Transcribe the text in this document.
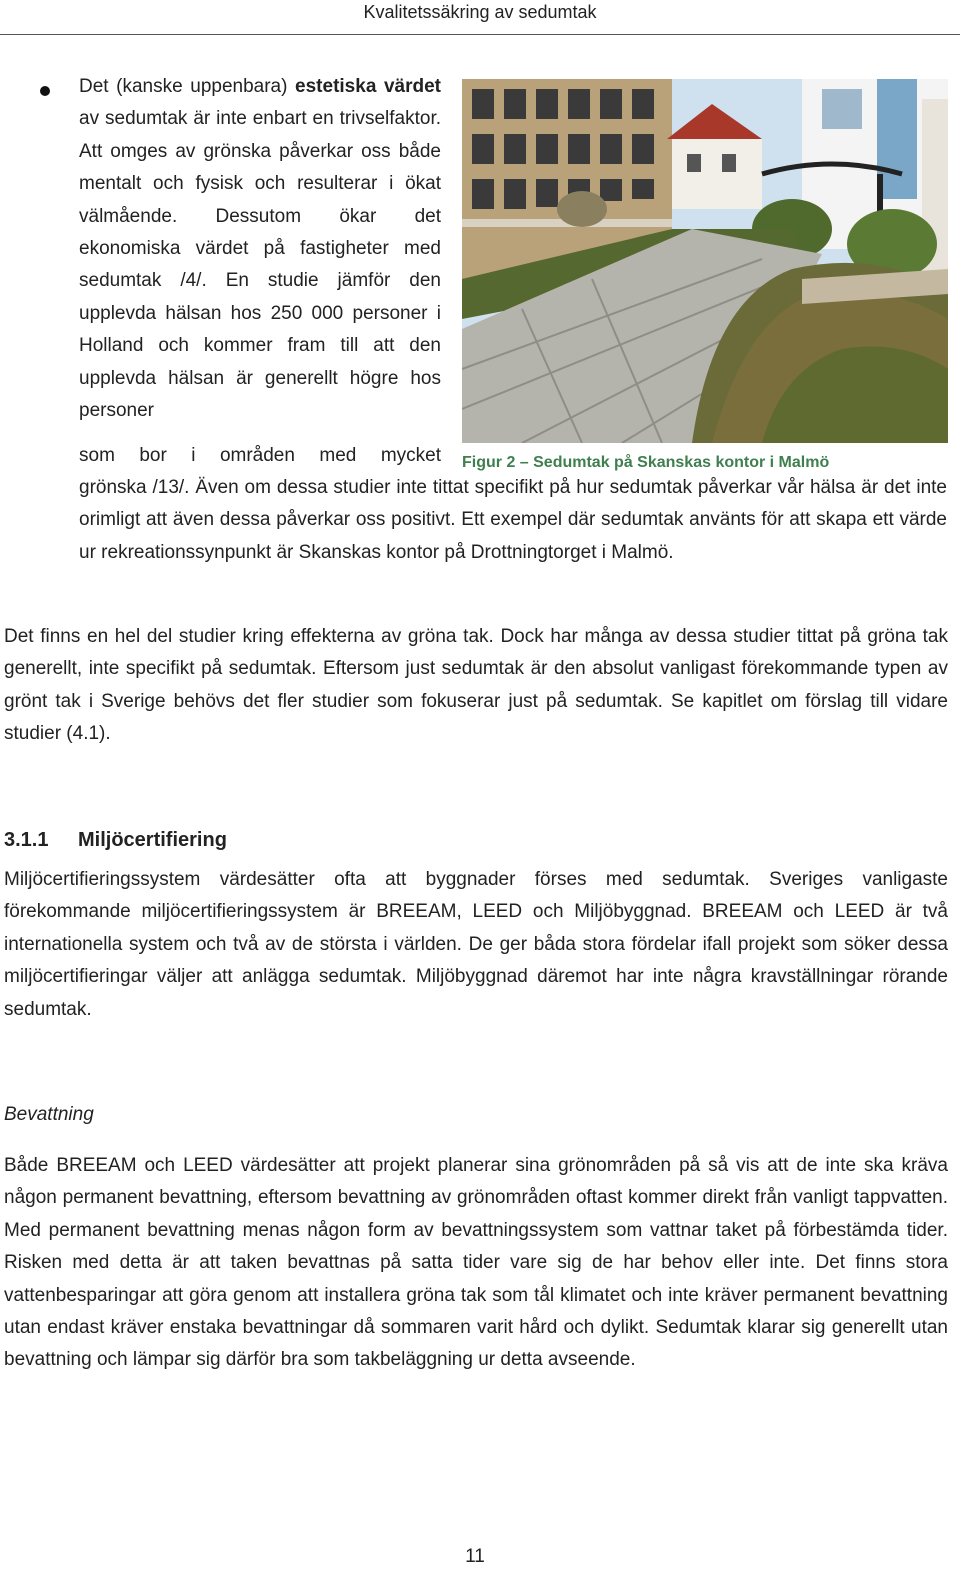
Kvalitetssäkring av sedumtak

Det (kanske uppenbara) estetiska värdet av sedumtak är inte enbart en trivselfaktor. Att omges av grönska påverkar oss både mentalt och fysisk och resulterar i ökat välmående. Dessutom ökar det ekonomiska värdet på fastigheter med sedumtak /4/. En studie jämför den upplevda hälsan hos 250 000 personer i Holland och kommer fram till att den upplevda hälsan är generellt högre hos personer

som bor i områden med mycket

grönska /13/. Även om dessa studier inte tittat specifikt på hur sedumtak påverkar vår hälsa är det inte orimligt att även dessa påverkar oss positivt. Ett exempel där sedumtak använts för att skapa ett värde ur rekreationssynpunkt är Skanskas kontor på Drottningtorget i Malmö.

Figur 2 – Sedumtak på Skanskas kontor i Malmö

Det finns en hel del studier kring effekterna av gröna tak. Dock har många av dessa studier tittat på gröna tak generellt, inte specifikt på sedumtak. Eftersom just sedumtak är den absolut vanligast förekommande typen av grönt tak i Sverige behövs det fler studier som fokuserar just på sedumtak. Se kapitlet om förslag till vidare studier (4.1).

3.1.1 Miljöcertifiering

Miljöcertifieringssystem värdesätter ofta att byggnader förses med sedumtak. Sveriges vanligaste förekommande miljöcertifieringssystem är BREEAM, LEED och Miljöbyggnad. BREEAM och LEED är två internationella system och två av de största i världen. De ger båda stora fördelar ifall projekt som söker dessa miljöcertifieringar väljer att anlägga sedumtak. Miljöbyggnad däremot har inte några kravställningar rörande sedumtak.

Bevattning

Både BREEAM och LEED värdesätter att projekt planerar sina grönområden på så vis att de inte ska kräva någon permanent bevattning, eftersom bevattning av grönområden oftast kommer direkt från vanligt tappvatten. Med permanent bevattning menas någon form av bevattningssystem som vattnar taket på förbestämda tider. Risken med detta är att taken bevattnas på satta tider vare sig de har behov eller inte. Det finns stora vattenbesparingar att göra genom att installera gröna tak som tål klimatet och inte kräver permanent bevattning utan endast kräver enstaka bevattningar då sommaren varit hård och dylikt. Sedumtak klarar sig generellt utan bevattning och lämpar sig därför bra som takbeläggning ur detta avseende.

11
